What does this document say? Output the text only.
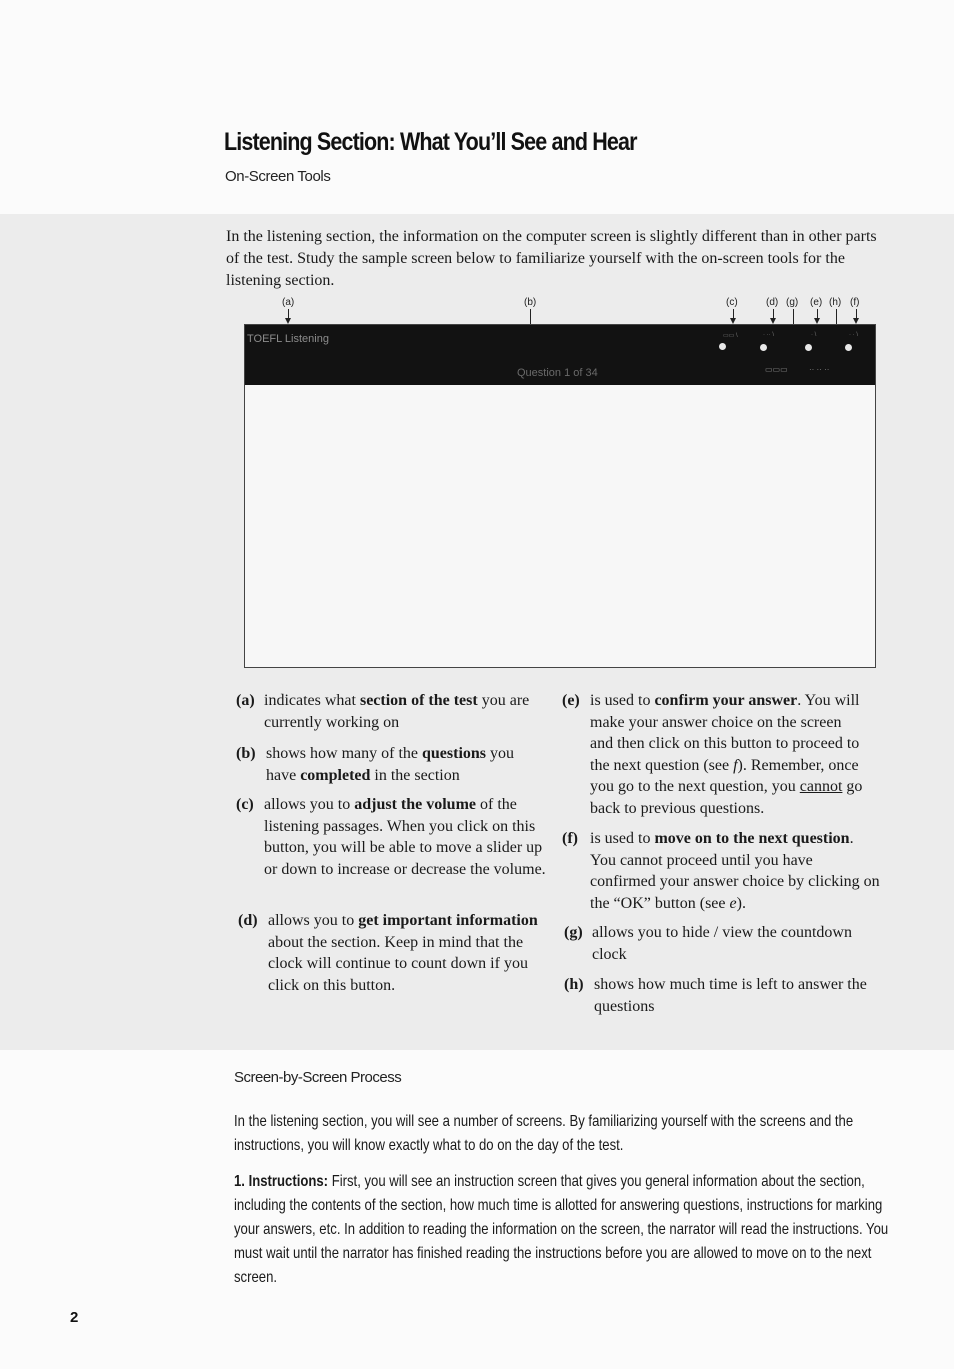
Listening Section: What You’ll See and Hear
On-Screen Tools

In the listening section, the information on the computer screen is slightly different than in other parts of the test. Study the sample screen below to familiarize yourself with the on-screen tools for the listening section.

(a)	(b)	(c)	(d) (g) (e) (h) (f)
TOEFL Listening
Question 1 of 34
▭▭ \	· ·· \	· \	· · \
▭▭▭	·· ·· ··
(a) indicates what section of the test you are currently working on
(b) shows how many of the questions you have completed in the section
(c) allows you to adjust the volume of the listening passages. When you click on this button, you will be able to move a slider up or down to increase or decrease the volume.
(d) allows you to get important information about the section. Keep in mind that the clock will continue to count down if you click on this button.
(e) is used to confirm your answer. You will make your answer choice on the screen and then click on this button to proceed to the next question (see f). Remember, once you go to the next question, you cannot go back to previous questions.
(f) is used to move on to the next question. You cannot proceed until you have confirmed your answer choice by clicking on the “OK” button (see e).
(g) allows you to hide / view the countdown clock
(h) shows how much time is left to answer the questions
Screen-by-Screen Process

In the listening section, you will see a number of screens. By familiarizing yourself with the screens and the instructions, you will know exactly what to do on the day of the test.

1. Instructions: First, you will see an instruction screen that gives you general information about the section, including the contents of the section, how much time is allotted for answering questions, instructions for marking your answers, etc. In addition to reading the information on the screen, the narrator will read the instructions. You must wait until the narrator has finished reading the instructions before you are allowed to move on to the next screen.

2
